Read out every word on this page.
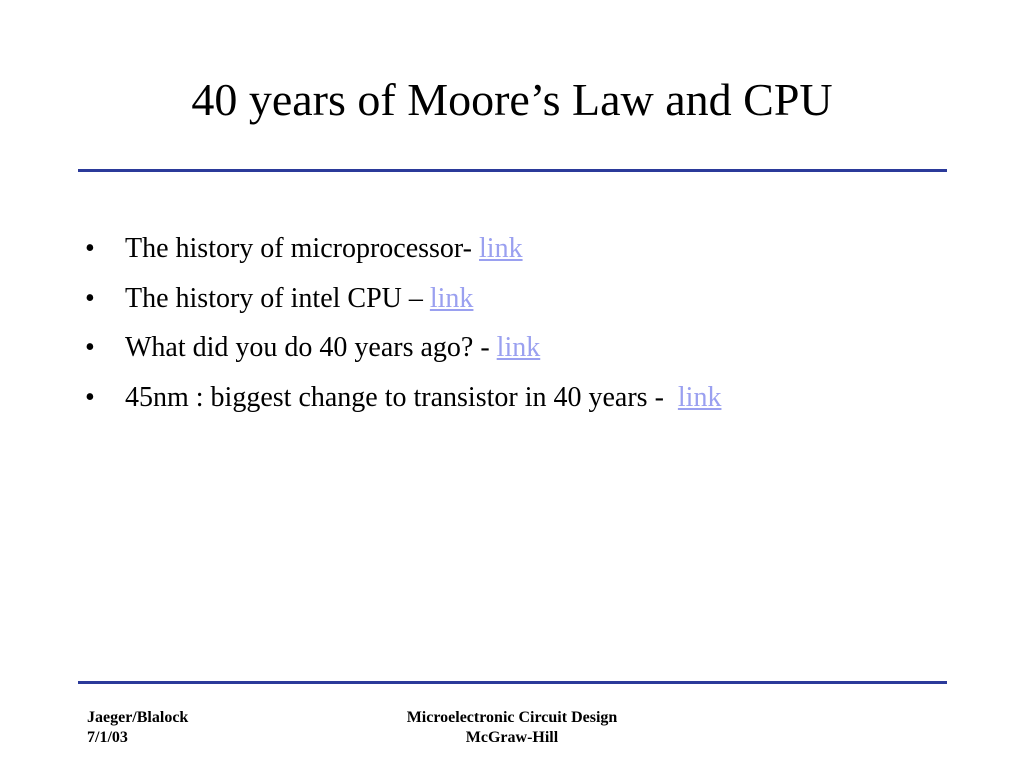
40 years of Moore’s Law and CPU
• The history of microprocessor- link
• The history of intel CPU – link
• What did you do 40 years ago? - link
• 45nm : biggest change to transistor in 40 years -  link
Jaeger/Blalock
7/1/03
Microelectronic Circuit Design
McGraw-Hill
